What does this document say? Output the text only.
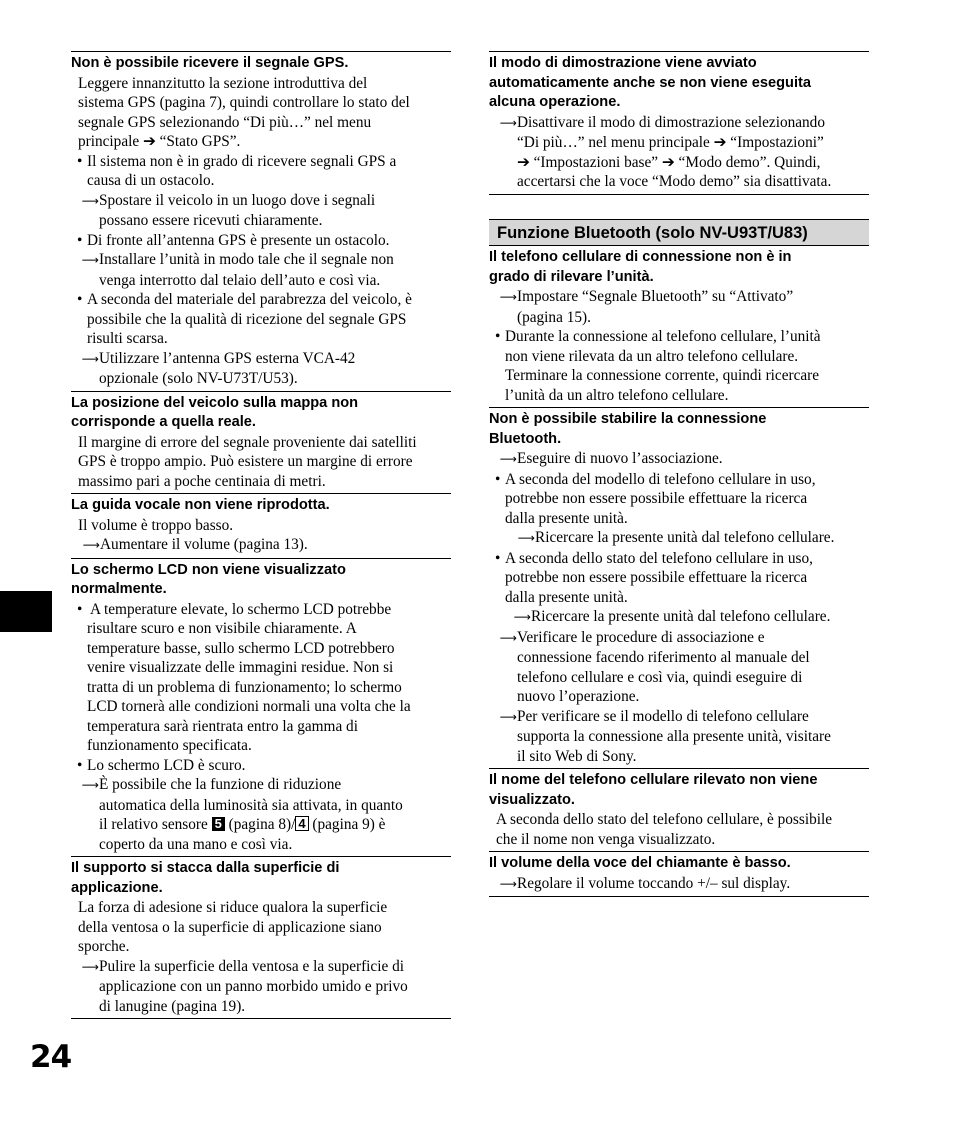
Non è possibile ricevere il segnale GPS.
Leggere innanzitutto la sezione introduttiva del
sistema GPS (pagina 7), quindi controllare lo stato del
segnale GPS selezionando “Di più…” nel menu
principale ➔ “Stato GPS”.
• Il sistema non è in grado di ricevere segnali GPS a
causa di un ostacolo.
⟶Spostare il veicolo in un luogo dove i segnali
possano essere ricevuti chiaramente.
• Di fronte all’antenna GPS è presente un ostacolo.
⟶Installare l’unità in modo tale che il segnale non
venga interrotto dal telaio dell’auto e così via.
• A seconda del materiale del parabrezza del veicolo, è
possibile che la qualità di ricezione del segnale GPS
risulti scarsa.
⟶Utilizzare l’antenna GPS esterna VCA-42
opzionale (solo NV-U73T/U53).
La posizione del veicolo sulla mappa non
corrisponde a quella reale.
Il margine di errore del segnale proveniente dai satelliti
GPS è troppo ampio. Può esistere un margine di errore
massimo pari a poche centinaia di metri.
La guida vocale non viene riprodotta.
Il volume è troppo basso.
⟶Aumentare il volume (pagina 13).
Lo schermo LCD non viene visualizzato
normalmente.
• A temperature elevate, lo schermo LCD potrebbe
risultare scuro e non visibile chiaramente. A
temperature basse, sullo schermo LCD potrebbero
venire visualizzate delle immagini residue. Non si
tratta di un problema di funzionamento; lo schermo
LCD tornerà alle condizioni normali una volta che la
temperatura sarà rientrata entro la gamma di
funzionamento specificata.
• Lo schermo LCD è scuro.
⟶È possibile che la funzione di riduzione
automatica della luminosità sia attivata, in quanto
il relativo sensore 5 (pagina 8)/ 4 (pagina 9) è
coperto da una mano e così via.
Il supporto si stacca dalla superficie di
applicazione.
La forza di adesione si riduce qualora la superficie
della ventosa o la superficie di applicazione siano
sporche.
⟶Pulire la superficie della ventosa e la superficie di
applicazione con un panno morbido umido e privo
di lanugine (pagina 19).
Il modo di dimostrazione viene avviato
automaticamente anche se non viene eseguita
alcuna operazione.
⟶Disattivare il modo di dimostrazione selezionando
“Di più…” nel menu principale ➔ “Impostazioni”
➔ “Impostazioni base” ➔ “Modo demo”. Quindi,
accertarsi che la voce “Modo demo” sia disattivata.
Funzione Bluetooth (solo NV-U93T/U83)
Il telefono cellulare di connessione non è in
grado di rilevare l’unità.
⟶Impostare “Segnale Bluetooth” su “Attivato”
(pagina 15).
• Durante la connessione al telefono cellulare, l’unità
non viene rilevata da un altro telefono cellulare.
Terminare la connessione corrente, quindi ricercare
l’unità da un altro telefono cellulare.
Non è possibile stabilire la connessione
Bluetooth.
⟶Eseguire di nuovo l’associazione.
• A seconda del modello di telefono cellulare in uso,
potrebbe non essere possibile effettuare la ricerca
dalla presente unità.
⟶Ricercare la presente unità dal telefono cellulare.
• A seconda dello stato del telefono cellulare in uso,
potrebbe non essere possibile effettuare la ricerca
dalla presente unità.
⟶Ricercare la presente unità dal telefono cellulare.
⟶Verificare le procedure di associazione e
connessione facendo riferimento al manuale del
telefono cellulare e così via, quindi eseguire di
nuovo l’operazione.
⟶Per verificare se il modello di telefono cellulare
supporta la connessione alla presente unità, visitare
il sito Web di Sony.
Il nome del telefono cellulare rilevato non viene
visualizzato.
A seconda dello stato del telefono cellulare, è possibile
che il nome non venga visualizzato.
Il volume della voce del chiamante è basso.
⟶Regolare il volume toccando +/– sul display.
24
